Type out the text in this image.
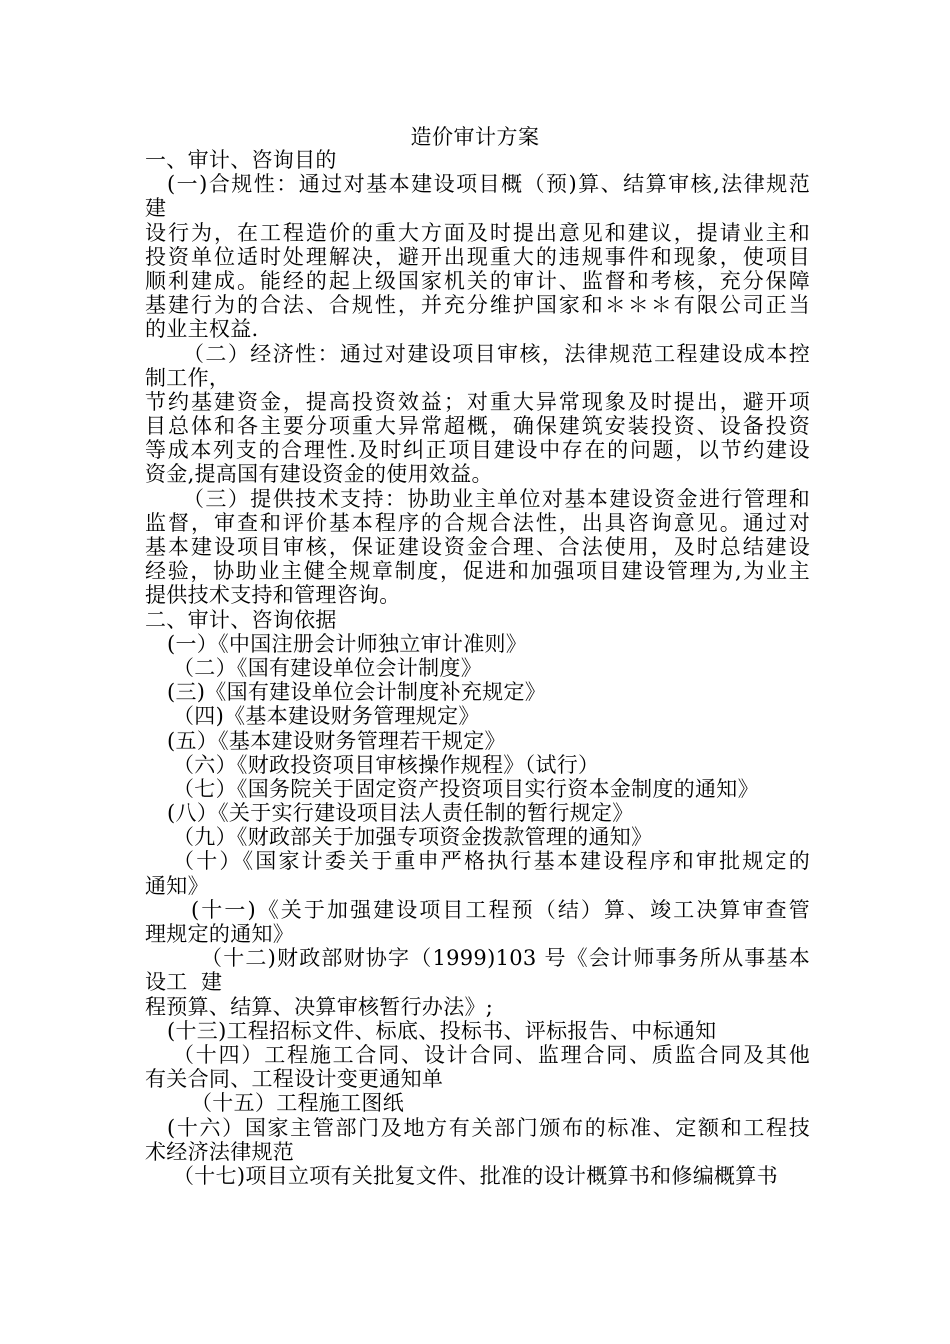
造价审计方案
一、审计、咨询目的
(一)合规性：通过对基本建设项目概（预)算、结算审核,法律规范
建
设行为，在工程造价的重大方面及时提出意见和建议，提请业主和
投资单位适时处理解决，避开出现重大的违规事件和现象，使项目
顺利建成。能经的起上级国家机关的审计、监督和考核，充分保障
基建行为的合法、合规性，并充分维护国家和＊＊＊有限公司正当
的业主权益.
（二）经济性：通过对建设项目审核，法律规范工程建设成本控
制工作，
节约基建资金，提高投资效益；对重大异常现象及时提出，避开项
目总体和各主要分项重大异常超概，确保建筑安装投资、设备投资
等成本列支的合理性.及时纠正项目建设中存在的问题，以节约建设
资金,提高国有建设资金的使用效益。
（三）提供技术支持：协助业主单位对基本建设资金进行管理和
监督，审查和评价基本程序的合规合法性，出具咨询意见。通过对
基本建设项目审核，保证建设资金合理、合法使用，及时总结建设
经验，协助业主健全规章制度，促进和加强项目建设管理为,为业主
提供技术支持和管理咨询。
二、审计、咨询依据
(一）《中国注册会计师独立审计准则》
（二）《国有建设单位会计制度》
(三)《国有建设单位会计制度补充规定》
（四)《基本建设财务管理规定》
(五）《基本建设财务管理若干规定》
（六）《财政投资项目审核操作规程》（试行）
（七）《国务院关于固定资产投资项目实行资本金制度的通知》
(八）《关于实行建设项目法人责任制的暂行规定》
（九）《财政部关于加强专项资金拨款管理的通知》
（十）《国家计委关于重申严格执行基本建设程序和审批规定的
通知》
(十一)《关于加强建设项目工程预（结）算、竣工决算审查管
理规定的通知》
（十二)财政部财协字（1999)103 号《会计师事务所从事基本建
设工
程预算、结算、决算审核暂行办法》;
(十三)工程招标文件、标底、投标书、评标报告、中标通知
（十四）工程施工合同、设计合同、监理合同、质监合同及其他
有关合同、工程设计变更通知单
（十五）工程施工图纸
(十六）国家主管部门及地方有关部门颁布的标准、定额和工程技
术经济法律规范
（十七)项目立项有关批复文件、批准的设计概算书和修编概算书
